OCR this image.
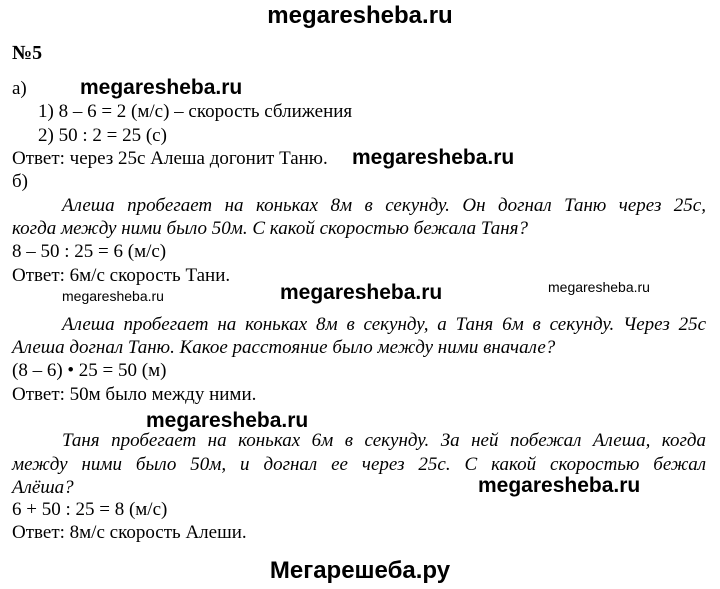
megaresheba.ru
№5
а)	megaresheba.ru
1) 8 – 6 = 2 (м/с) – скорость сближения
2) 50 : 2 = 25 (с)
Ответ: через 25с Алеша догонит Таню. megaresheba.ru
б)
Алеша пробегает на коньках 8м в секунду. Он догнал Таню через 25с,
когда между ними было 50м. С какой скоростью бежала Таня?
8 – 50 : 25 = 6 (м/с)
Ответ: 6м/с скорость Тани.
megaresheba.ru	megaresheba.ru	megaresheba.ru
Алеша пробегает на коньках 8м в секунду, а Таня 6м в секунду. Через 25с
Алеша догнал Таню. Какое расстояние было между ними вначале?
(8 – 6) • 25 = 50 (м)
Ответ: 50м было между ними.
megaresheba.ru
Таня пробегает на коньках 6м в секунду. За ней побежал Алеша, когда
между ними было 50м, и догнал ее через 25с. С какой скоростью бежал
Алёша?	megaresheba.ru
6 + 50 : 25 = 8 (м/с)
Ответ: 8м/с скорость Алеши.
Мегарешеба.ру
